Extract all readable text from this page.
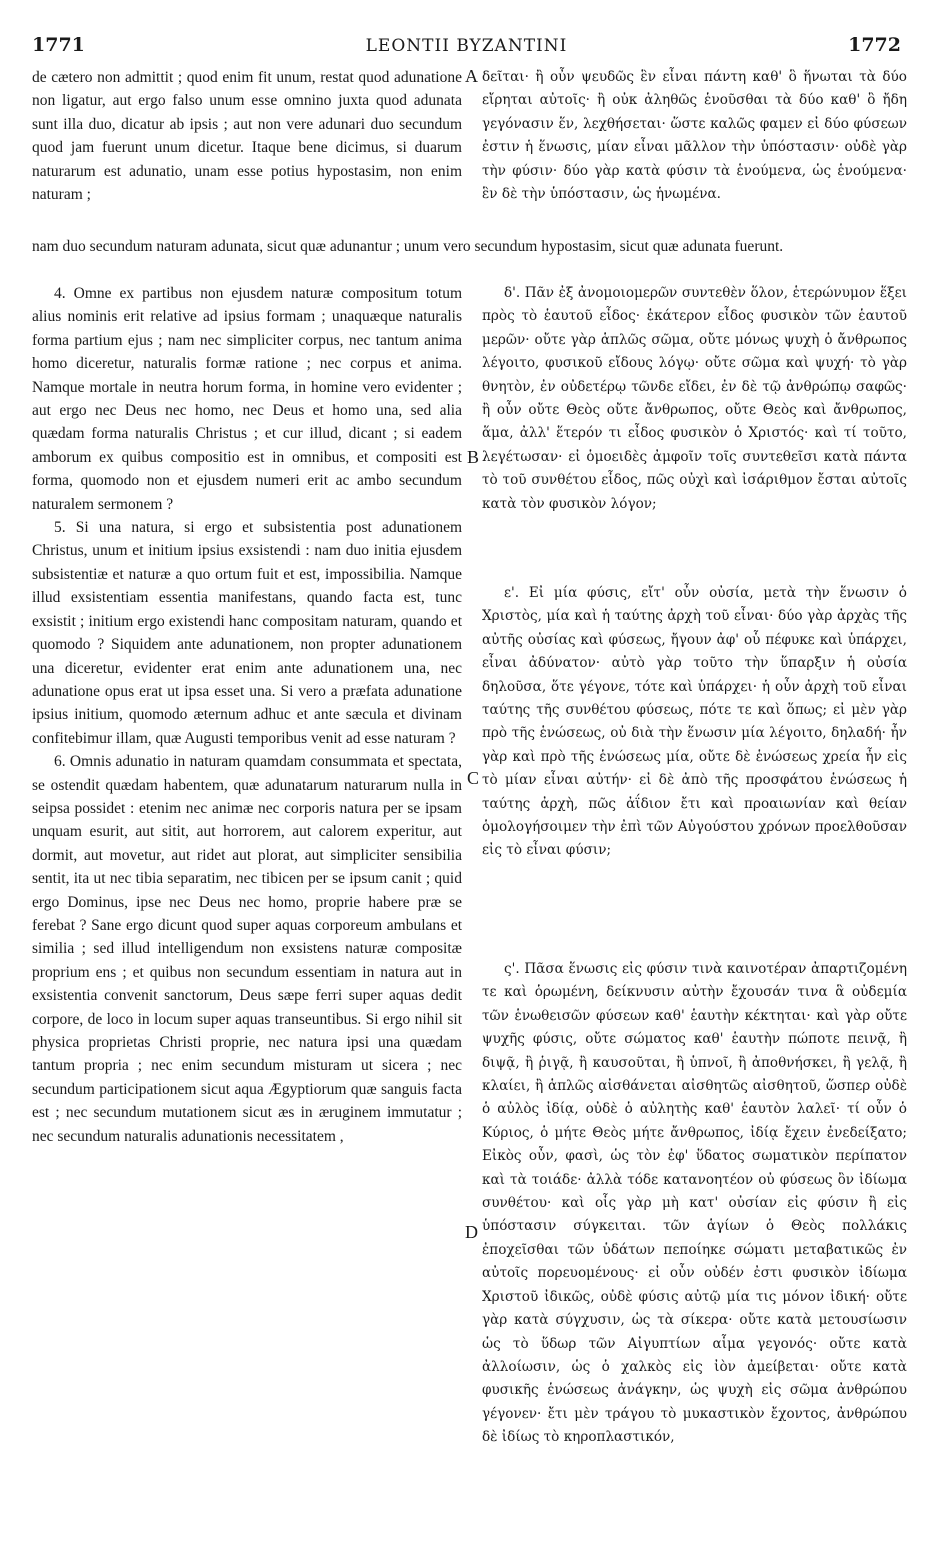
1771	LEONTII BYZANTINI	1772
A
B
C
D

de cætero non admittit ; quod enim fit unum, restat quod adunatione non ligatur, aut ergo falso unum esse omnino juxta quod adunata sunt illa duo, dicatur ab ipsis ; aut non vere adunari duo secundum quod jam fuerunt unum dicetur. Itaque bene dicimus, si duarum naturarum est adunatio, unam esse potius hypostasim, non enim naturam ;

δεῖται· ἢ οὖν ψευδῶς ἓν εἶναι πάντη καθ' ὃ ἥνωται τὰ δύο εἴρηται αὐτοῖς· ἢ οὐκ ἀληθῶς ἑνοῦσθαι τὰ δύο καθ' ὃ ἤδη γεγόνασιν ἕν, λεχθήσεται· ὥστε καλῶς φαμεν εἰ δύο φύσεων ἐστιν ἡ ἕνωσις, μίαν εἶναι μᾶλλον τὴν ὑπόστασιν· οὐδὲ γὰρ τὴν φύσιν· δύο γὰρ κατὰ φύσιν τὰ ἑνούμενα, ὡς ἑνούμενα· ἓν δὲ τὴν ὑπόστασιν, ὡς ἡνωμένα.

nam duo secundum naturam adunata, sicut quæ adunantur ; unum vero secundum hypostasim, sicut quæ adunata fuerunt.

4. Omne ex partibus non ejusdem naturæ compositum totum alius nominis erit relative ad ipsius formam ; unaquæque naturalis forma partium ejus ; nam nec simpliciter corpus, nec tantum anima homo diceretur, naturalis formæ ratione ; nec corpus et anima. Namque mortale in neutra horum forma, in homine vero evidenter ; aut ergo nec Deus nec homo, nec Deus et homo una, sed alia quædam forma naturalis Christus ; et cur illud, dicant ; si eadem amborum ex quibus compositio est in omnibus, et compositi est forma, quomodo non et ejusdem numeri erit ac ambo secundum naturalem sermonem ?

5. Si una natura, si ergo et subsistentia post adunationem Christus, unum et initium ipsius exsistendi : nam duo initia ejusdem subsistentiæ et naturæ a quo ortum fuit et est, impossibilia. Namque illud exsistentiam essentia manifestans, quando facta est, tunc exsistit ; initium ergo existendi hanc compositam naturam, quando et quomodo ? Siquidem ante adunationem, non propter adunationem una diceretur, evidenter erat enim ante adunationem una, nec adunatione opus erat ut ipsa esset una. Si vero a præfata adunatione ipsius initium, quomodo æternum adhuc et ante sæcula et divinam confitebimur illam, quæ Augusti temporibus venit ad esse naturam ?

6. Omnis adunatio in naturam quamdam consummata et spectata, se ostendit quædam habentem, quæ adunatarum naturarum nulla in seipsa possidet : etenim nec animæ nec corporis natura per se ipsam unquam esurit, aut sitit, aut horrorem, aut calorem experitur, aut dormit, aut movetur, aut ridet aut plorat, aut simpliciter sensibilia sentit, ita ut nec tibia separatim, nec tibicen per se ipsum canit ; quid ergo Dominus, ipse nec Deus nec homo, proprie habere præ se ferebat ? Sane ergo dicunt quod super aquas corporeum ambulans et similia ; sed illud intelligendum non exsistens naturæ compositæ proprium ens ; et quibus non secundum essentiam in natura aut in exsistentia convenit sanctorum, Deus sæpe ferri super aquas dedit corpore, de loco in locum super aquas transeuntibus. Si ergo nihil sit physica proprietas Christi proprie, nec natura ipsi una quædam tantum propria ; nec enim secundum misturam ut sicera ; nec secundum participationem sicut aqua Ægyptiorum quæ sanguis facta est ; nec secundum mutationem sicut æs in æruginem immutatur ; nec secundum naturalis adunationis necessitatem ,

δ'. Πᾶν ἐξ ἀνομοιομερῶν συντεθὲν ὅλον, ἑτερώνυμον ἕξει πρὸς τὸ ἑαυτοῦ εἶδος· ἑκάτερον εἶδος φυσικὸν τῶν ἑαυτοῦ μερῶν· οὔτε γὰρ ἁπλῶς σῶμα, οὔτε μόνως ψυχὴ ὁ ἄνθρωπος λέγοιτο, φυσικοῦ εἴδους λόγῳ· οὔτε σῶμα καὶ ψυχή· τὸ γὰρ θνητὸν, ἐν οὐδετέρῳ τῶνδε εἴδει, ἐν δὲ τῷ ἀνθρώπῳ σαφῶς· ἢ οὖν οὔτε Θεὸς οὔτε ἄνθρωπος, οὔτε Θεὸς καὶ ἄνθρωπος, ἅμα, ἀλλ' ἕτερόν τι εἶδος φυσικὸν ὁ Χριστός· καὶ τί τοῦτο, λεγέτωσαν· εἰ ὁμοειδὲς ἀμφοῖν τοῖς συντεθεῖσι κατὰ πάντα τὸ τοῦ συνθέτου εἶδος, πῶς οὐχὶ καὶ ἰσάριθμον ἔσται αὐτοῖς κατὰ τὸν φυσικὸν λόγον;

ε'. Εἰ μία φύσις, εἴτ' οὖν οὐσία, μετὰ τὴν ἕνωσιν ὁ Χριστὸς, μία καὶ ἡ ταύτης ἀρχὴ τοῦ εἶναι· δύο γὰρ ἀρχὰς τῆς αὐτῆς οὐσίας καὶ φύσεως, ἤγουν ἀφ' οὗ πέφυκε καὶ ὑπάρχει, εἶναι ἀδύνατον· αὐτὸ γὰρ τοῦτο τὴν ὕπαρξιν ἡ οὐσία δηλοῦσα, ὅτε γέγονε, τότε καὶ ὑπάρχει· ἡ οὖν ἀρχὴ τοῦ εἶναι ταύτης τῆς συνθέτου φύσεως, πότε τε καὶ ὅπως; εἰ μὲν γὰρ πρὸ τῆς ἑνώσεως, οὐ διὰ τὴν ἕνωσιν μία λέγοιτο, δηλαδή· ἦν γὰρ καὶ πρὸ τῆς ἑνώσεως μία, οὔτε δὲ ἑνώσεως χρεία ἦν εἰς τὸ μίαν εἶναι αὐτήν· εἰ δὲ ἀπὸ τῆς προσφάτου ἑνώσεως ἡ ταύτης ἀρχὴ, πῶς ἀΐδιον ἔτι καὶ προαιωνίαν καὶ θείαν ὁμολογήσοιμεν τὴν ἐπὶ τῶν Αὐγούστου χρόνων προελθοῦσαν εἰς τὸ εἶναι φύσιν;

ς'. Πᾶσα ἕνωσις εἰς φύσιν τινὰ καινοτέραν ἀπαρτιζομένη τε καὶ ὁρωμένη, δείκνυσιν αὐτὴν ἔχουσάν τινα ἃ οὐδεμία τῶν ἑνωθεισῶν φύσεων καθ' ἑαυτὴν κέκτηται· καὶ γὰρ οὔτε ψυχῆς φύσις, οὔτε σώματος καθ' ἑαυτὴν πώποτε πεινᾷ, ἢ διψᾷ, ἢ ῥιγᾷ, ἢ καυσοῦται, ἢ ὑπνοῖ, ἢ ἀποθνήσκει, ἢ γελᾷ, ἢ κλαίει, ἢ ἁπλῶς αἰσθάνεται αἰσθητῶς αἰσθητοῦ, ὥσπερ οὐδὲ ὁ αὐλὸς ἰδίᾳ, οὐδὲ ὁ αὐλητὴς καθ' ἑαυτὸν λαλεῖ· τί οὖν ὁ Κύριος, ὁ μήτε Θεὸς μήτε ἄνθρωπος, ἰδίᾳ ἔχειν ἐνεδείξατο; Εἰκὸς οὖν, φασὶ, ὡς τὸν ἐφ' ὕδατος σωματικὸν περίπατον καὶ τὰ τοιάδε· ἀλλὰ τόδε κατανοητέον οὐ φύσεως ὂν ἰδίωμα συνθέτου· καὶ οἷς γὰρ μὴ κατ' οὐσίαν εἰς φύσιν ἢ εἰς ὑπόστασιν σύγκειται. τῶν ἁγίων ὁ Θεὸς πολλάκις ἐποχεῖσθαι τῶν ὑδάτων πεποίηκε σώματι μεταβατικῶς ἐν αὐτοῖς πορευομένους· εἰ οὖν οὐδέν ἐστι φυσικὸν ἰδίωμα Χριστοῦ ἰδικῶς, οὐδὲ φύσις αὐτῷ μία τις μόνον ἰδική· οὔτε γὰρ κατὰ σύγχυσιν, ὡς τὰ σίκερα· οὔτε κατὰ μετουσίωσιν ὡς τὸ ὕδωρ τῶν Αἰγυπτίων αἷμα γεγονός· οὔτε κατὰ ἀλλοίωσιν, ὡς ὁ χαλκὸς εἰς ἰὸν ἀμείβεται· οὔτε κατὰ φυσικῆς ἑνώσεως ἀνάγκην, ὡς ψυχὴ εἰς σῶμα ἀνθρώπου γέγονεν· ἔτι μὲν τράγου τὸ μυκαστικὸν ἔχοντος, ἀνθρώπου δὲ ἰδίως τὸ κηροπλαστικόν,
